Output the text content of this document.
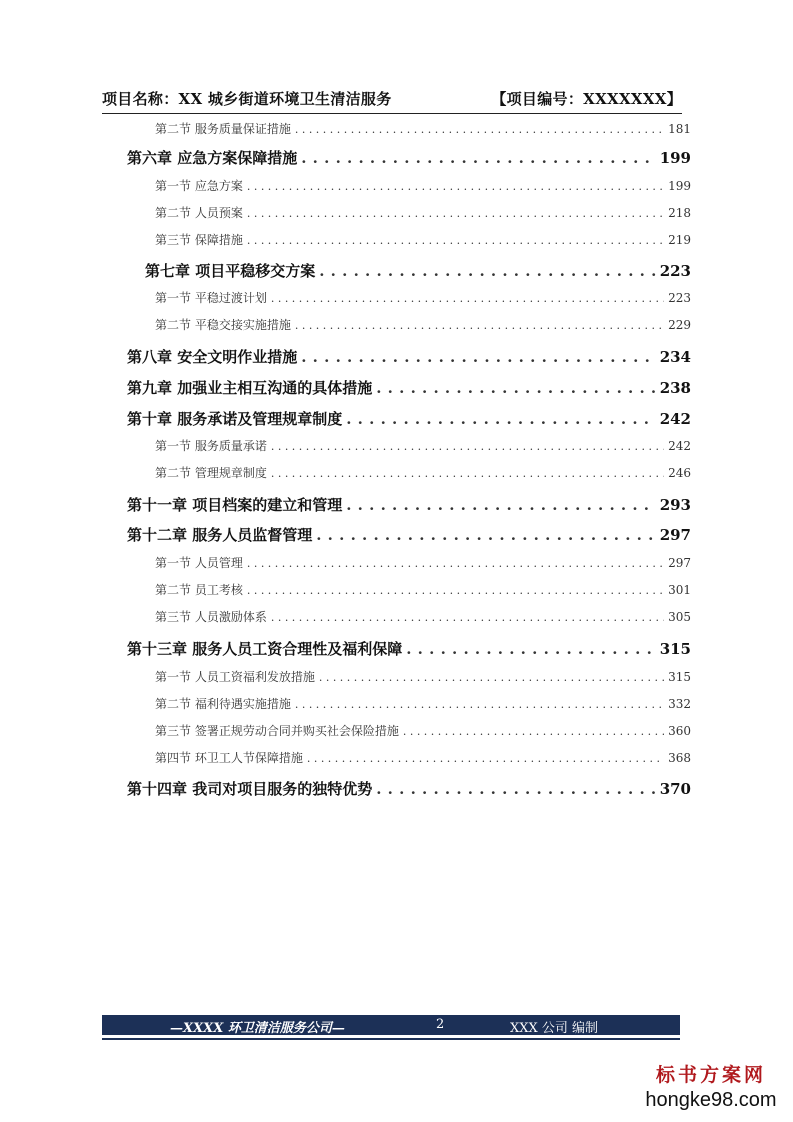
项目名称：XX 城乡街道环境卫生清洁服务	【项目编号：XXXXXXX】
第二节 服务质量保证措施 . . .	181
第六章 应急方案保障措施 . . .	199
第一节 应急方案 . . .	199
第二节 人员预案 . . .	218
第三节 保障措施 . . .	219
第七章 项目平稳移交方案 . . .	223
第一节 平稳过渡计划 . . .	223
第二节 平稳交接实施措施 . . .	229
第八章 安全文明作业措施 . . .	234
第九章 加强业主相互沟通的具体措施 . . .	238
第十章 服务承诺及管理规章制度 . . .	242
第一节 服务质量承诺 . . .	242
第二节 管理规章制度 . . .	246
第十一章 项目档案的建立和管理 . . .	293
第十二章 服务人员监督管理 . . .	297
第一节 人员管理 . . .	297
第二节 员工考核 . . .	301
第三节 人员激励体系 . . .	305
第十三章 服务人员工资合理性及福利保障 . . .	315
第一节 人员工资福利发放措施 . . .	315
第二节 福利待遇实施措施 . . .	332
第三节 签署正规劳动合同并购买社会保险措施 . . .	360
第四节 环卫工人节保障措施 . . .	368
第十四章 我司对项目服务的独特优势 . . .	370
—XXXX 环卫清洁服务公司—	2	XXX 公司 编制
标书方案网
hongke98.com
